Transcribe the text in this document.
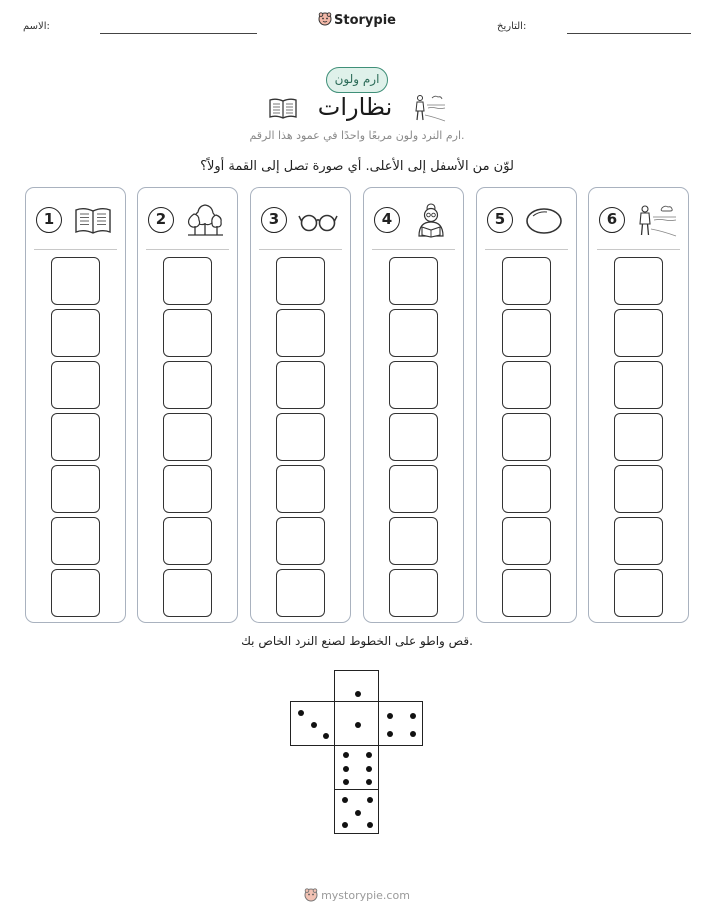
الاسم:	Storypie	التاريخ:
ارم ولون
نظارات
ارم النرد ولون مربعًا واحدًا في عمود هذا الرقم.
لوّن من الأسفل إلى الأعلى. أي صورة تصل إلى القمة أولاً؟
1	2	3	4	5	6
قص واطو على الخطوط لصنع النرد الخاص بك.
mystorypie.com
